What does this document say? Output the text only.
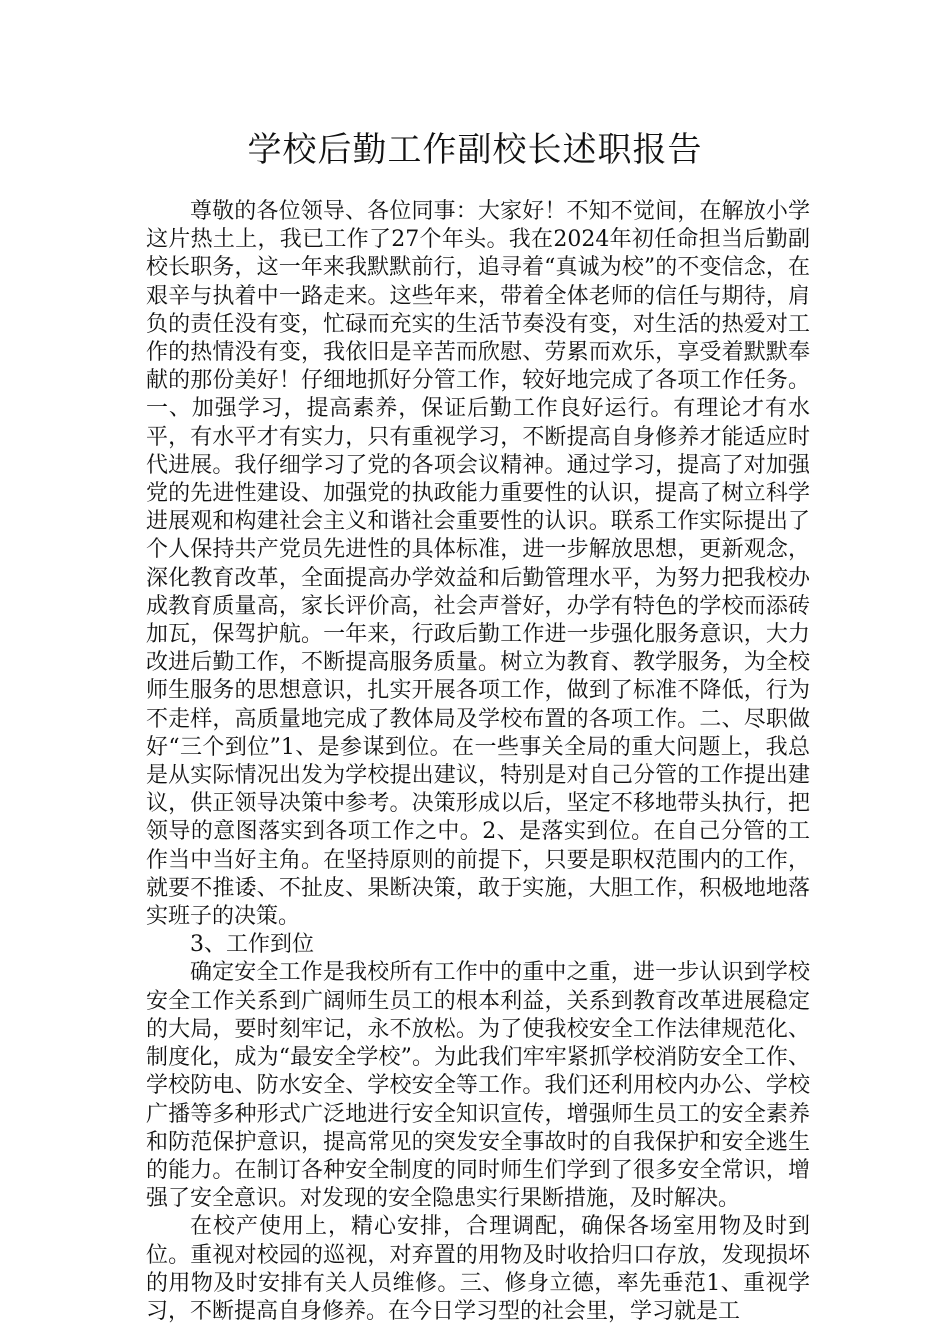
学校后勤工作副校长述职报告

尊敬的各位领导、各位同事：大家好！不知不觉间，在解放小学这片热土上，我已工作了27个年头。我在2024年初任命担当后勤副校长职务，这一年来我默默前行，追寻着“真诚为校”的不变信念，在艰辛与执着中一路走来。这些年来，带着全体老师的信任与期待，肩负的责任没有变，忙碌而充实的生活节奏没有变，对生活的热爱对工作的热情没有变，我依旧是辛苦而欣慰、劳累而欢乐，享受着默默奉献的那份美好！仔细地抓好分管工作，较好地完成了各项工作任务。一、加强学习，提高素养，保证后勤工作良好运行。有理论才有水平，有水平才有实力，只有重视学习，不断提高自身修养才能适应时代进展。我仔细学习了党的各项会议精神。通过学习，提高了对加强党的先进性建设、加强党的执政能力重要性的认识，提高了树立科学进展观和构建社会主义和谐社会重要性的认识。联系工作实际提出了个人保持共产党员先进性的具体标准，进一步解放思想，更新观念，深化教育改革，全面提高办学效益和后勤管理水平，为努力把我校办成教育质量高，家长评价高，社会声誉好，办学有特色的学校而添砖加瓦，保驾护航。一年来，行政后勤工作进一步强化服务意识，大力改进后勤工作，不断提高服务质量。树立为教育、教学服务，为全校师生服务的思想意识，扎实开展各项工作，做到了标准不降低，行为不走样，高质量地完成了教体局及学校布置的各项工作。二、尽职做好“三个到位”1、是参谋到位。在一些事关全局的重大问题上，我总是从实际情况出发为学校提出建议，特别是对自己分管的工作提出建议，供正领导决策中参考。决策形成以后，坚定不移地带头执行，把领导的意图落实到各项工作之中。2、是落实到位。在自己分管的工作当中当好主角。在坚持原则的前提下，只要是职权范围内的工作，就要不推诿、不扯皮、果断决策，敢于实施，大胆工作，积极地地落实班子的决策。

3、工作到位

确定安全工作是我校所有工作中的重中之重，进一步认识到学校安全工作关系到广阔师生员工的根本利益，关系到教育改革进展稳定的大局，要时刻牢记，永不放松。为了使我校安全工作法律规范化、制度化，成为“最安全学校”。为此我们牢牢紧抓学校消防安全工作、学校防电、防水安全、学校安全等工作。我们还利用校内办公、学校广播等多种形式广泛地进行安全知识宣传，增强师生员工的安全素养和防范保护意识，提高常见的突发安全事故时的自我保护和安全逃生的能力。在制订各种安全制度的同时师生们学到了很多安全常识，增强了安全意识。对发现的安全隐患实行果断措施，及时解决。

在校产使用上，精心安排，合理调配，确保各场室用物及时到位。重视对校园的巡视，对弃置的用物及时收拾归口存放，发现损坏的用物及时安排有关人员维修。三、修身立德，率先垂范1、重视学习，不断提高自身修养。在今日学习型的社会里，学习就是工
